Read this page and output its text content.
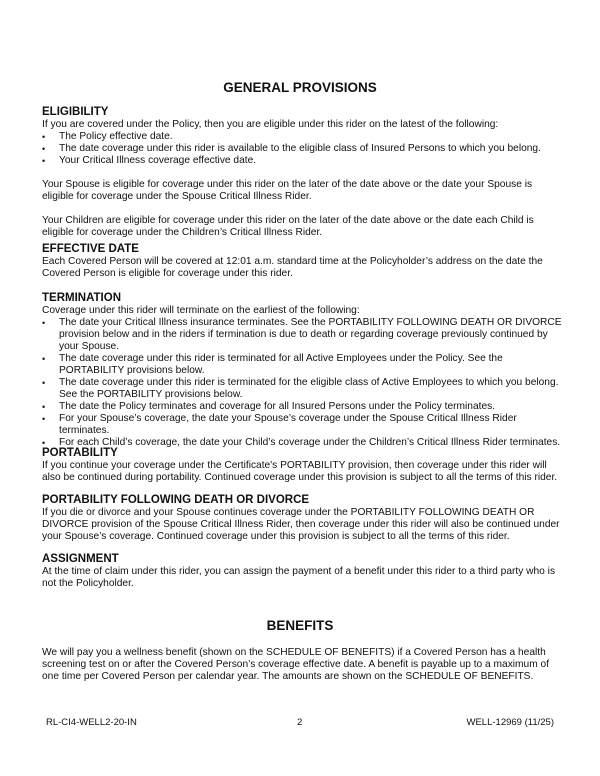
GENERAL PROVISIONS

ELIGIBILITY

If you are covered under the Policy, then you are eligible under this rider on the latest of the following:

• The Policy effective date.
• The date coverage under this rider is available to the eligible class of Insured Persons to which you belong.
• Your Critical Illness coverage effective date.

Your Spouse is eligible for coverage under this rider on the later of the date above or the date your Spouse is eligible for coverage under the Spouse Critical Illness Rider.

Your Children are eligible for coverage under this rider on the later of the date above or the date each Child is eligible for coverage under the Children’s Critical Illness Rider.

EFFECTIVE DATE

Each Covered Person will be covered at 12:01 a.m. standard time at the Policyholder’s address on the date the Covered Person is eligible for coverage under this rider.

TERMINATION

Coverage under this rider will terminate on the earliest of the following:

• The date your Critical Illness insurance terminates. See the PORTABILITY FOLLOWING DEATH OR DIVORCE provision below and in the riders if termination is due to death or regarding coverage previously continued by your Spouse.
• The date coverage under this rider is terminated for all Active Employees under the Policy. See the PORTABILITY provisions below.
• The date coverage under this rider is terminated for the eligible class of Active Employees to which you belong. See the PORTABILITY provisions below.
• The date the Policy terminates and coverage for all Insured Persons under the Policy terminates.
• For your Spouse’s coverage, the date your Spouse’s coverage under the Spouse Critical Illness Rider terminates.
• For each Child’s coverage, the date your Child’s coverage under the Children’s Critical Illness Rider terminates.

PORTABILITY

If you continue your coverage under the Certificate's PORTABILITY provision, then coverage under this rider will also be continued during portability. Continued coverage under this provision is subject to all the terms of this rider.

PORTABILITY FOLLOWING DEATH OR DIVORCE

If you die or divorce and your Spouse continues coverage under the PORTABILITY FOLLOWING DEATH OR DIVORCE provision of the Spouse Critical Illness Rider, then coverage under this rider will also be continued under your Spouse’s coverage. Continued coverage under this provision is subject to all the terms of this rider.

ASSIGNMENT

At the time of claim under this rider, you can assign the payment of a benefit under this rider to a third party who is not the Policyholder.

BENEFITS

We will pay you a wellness benefit (shown on the SCHEDULE OF BENEFITS) if a Covered Person has a health screening test on or after the Covered Person’s coverage effective date. A benefit is payable up to a maximum of one time per Covered Person per calendar year. The amounts are shown on the SCHEDULE OF BENEFITS.

RL-CI4-WELL2-20-IN	2	WELL-12969 (11/25)
